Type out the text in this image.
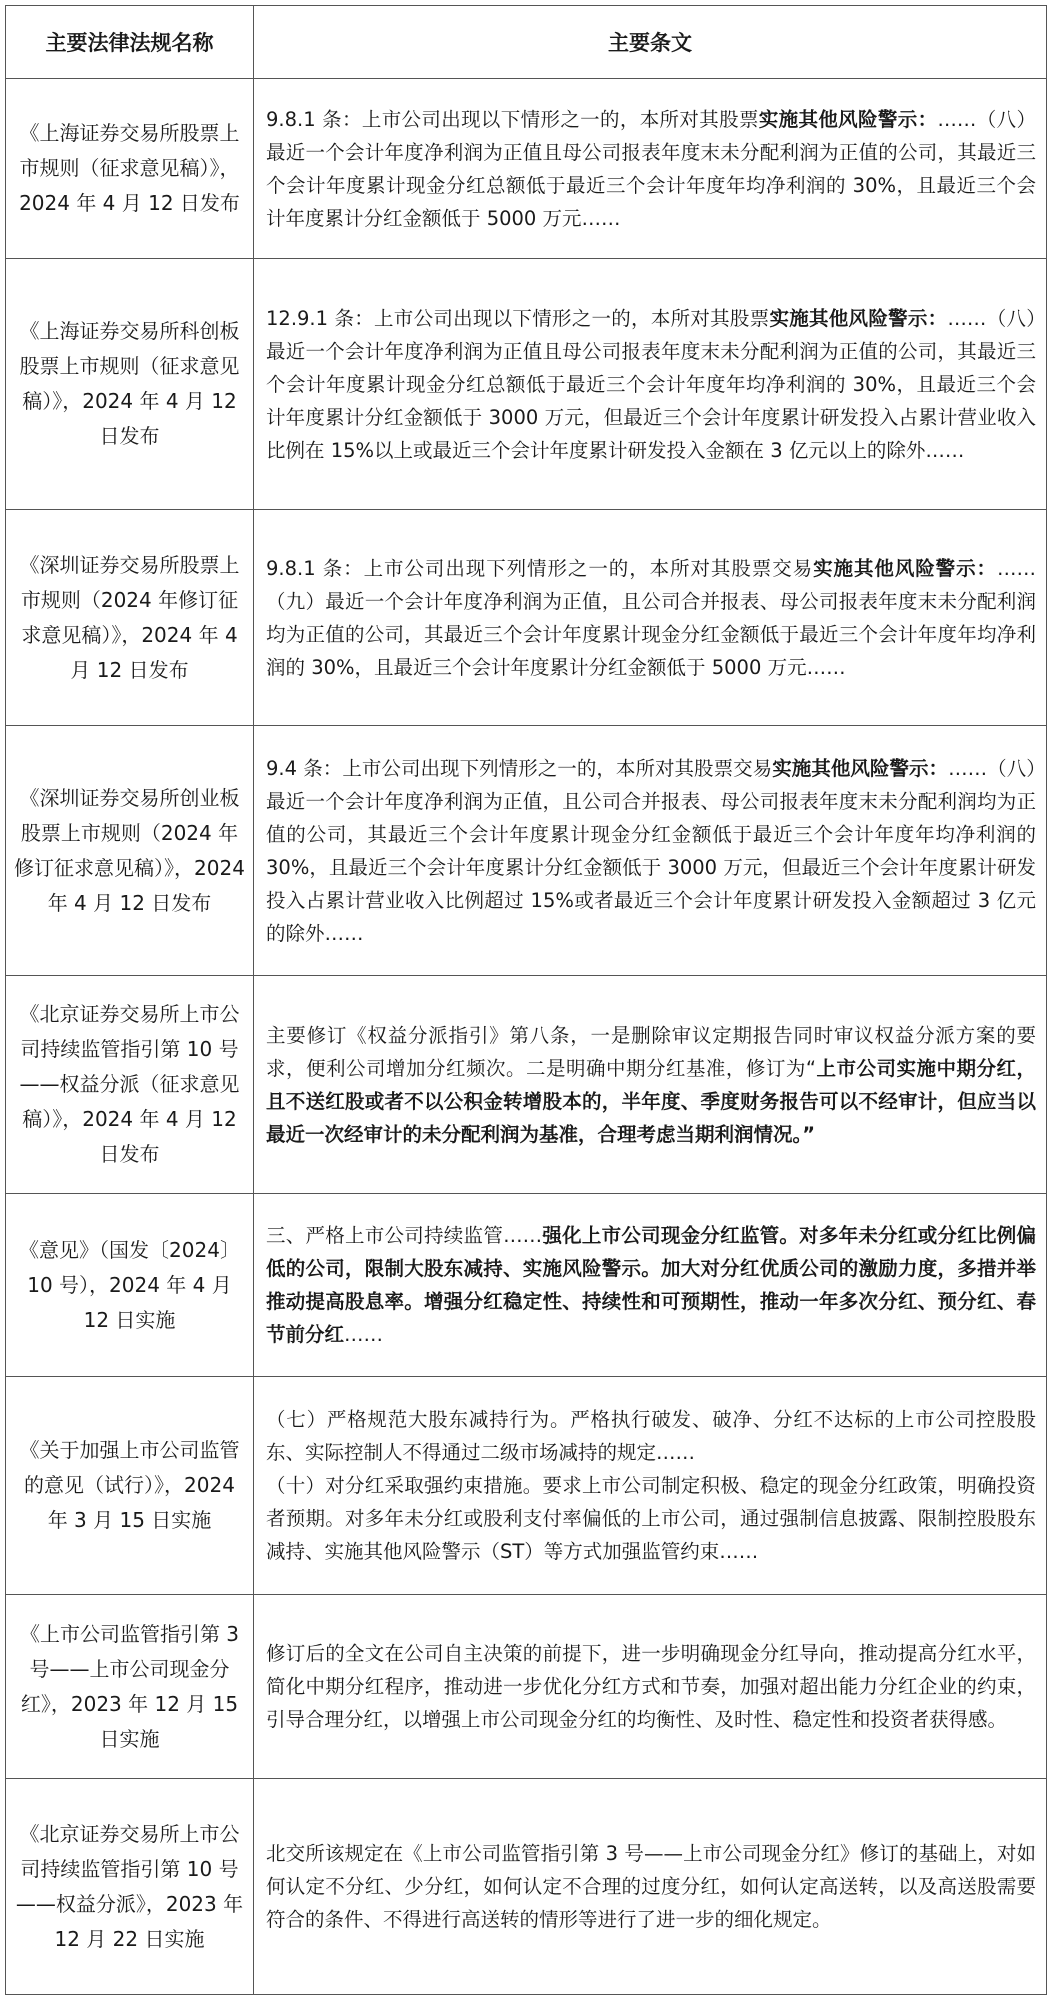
主要法律法规名称	主要条文
《上海证券交易所股票上市规则（征求意见稿）》，2024 年 4 月 12 日发布	9.8.1 条：上市公司出现以下情形之一的，本所对其股票实施其他风险警示：……（八）最近一个会计年度净利润为正值且母公司报表年度末未分配利润为正值的公司，其最近三个会计年度累计现金分红总额低于最近三个会计年度年均净利润的 30%，且最近三个会计年度累计分红金额低于 5000 万元……
《上海证券交易所科创板股票上市规则（征求意见稿）》，2024 年 4 月 12 日发布	12.9.1 条：上市公司出现以下情形之一的，本所对其股票实施其他风险警示：……（八）最近一个会计年度净利润为正值且母公司报表年度末未分配利润为正值的公司，其最近三个会计年度累计现金分红总额低于最近三个会计年度年均净利润的 30%，且最近三个会计年度累计分红金额低于 3000 万元，但最近三个会计年度累计研发投入占累计营业收入比例在 15%以上或最近三个会计年度累计研发投入金额在 3 亿元以上的除外……
《深圳证券交易所股票上市规则（2024 年修订征求意见稿）》，2024 年 4 月 12 日发布	9.8.1 条：上市公司出现下列情形之一的，本所对其股票交易实施其他风险警示：……（九）最近一个会计年度净利润为正值，且公司合并报表、母公司报表年度末未分配利润均为正值的公司，其最近三个会计年度累计现金分红金额低于最近三个会计年度年均净利润的 30%，且最近三个会计年度累计分红金额低于 5000 万元……
《深圳证券交易所创业板股票上市规则（2024 年修订征求意见稿）》，2024 年 4 月 12 日发布	9.4 条：上市公司出现下列情形之一的，本所对其股票交易实施其他风险警示：……（八）最近一个会计年度净利润为正值，且公司合并报表、母公司报表年度末未分配利润均为正值的公司，其最近三个会计年度累计现金分红金额低于最近三个会计年度年均净利润的 30%，且最近三个会计年度累计分红金额低于 3000 万元，但最近三个会计年度累计研发投入占累计营业收入比例超过 15%或者最近三个会计年度累计研发投入金额超过 3 亿元的除外……
《北京证券交易所上市公司持续监管指引第 10 号——权益分派（征求意见稿）》，2024 年 4 月 12 日发布	主要修订《权益分派指引》第八条，一是删除审议定期报告同时审议权益分派方案的要求，便利公司增加分红频次。二是明确中期分红基准，修订为“上市公司实施中期分红，且不送红股或者不以公积金转增股本的，半年度、季度财务报告可以不经审计，但应当以最近一次经审计的未分配利润为基准，合理考虑当期利润情况。”
《意见》（国发〔2024〕10 号），2024 年 4 月 12 日实施	三、严格上市公司持续监管……强化上市公司现金分红监管。对多年未分红或分红比例偏低的公司，限制大股东减持、实施风险警示。加大对分红优质公司的激励力度，多措并举推动提高股息率。增强分红稳定性、持续性和可预期性，推动一年多次分红、预分红、春节前分红……
《关于加强上市公司监管的意见（试行）》，2024 年 3 月 15 日实施	（七）严格规范大股东减持行为。严格执行破发、破净、分红不达标的上市公司控股股东、实际控制人不得通过二级市场减持的规定……

（十）对分红采取强约束措施。要求上市公司制定积极、稳定的现金分红政策，明确投资者预期。对多年未分红或股利支付率偏低的上市公司，通过强制信息披露、限制控股股东减持、实施其他风险警示（ST）等方式加强监管约束……

《上市公司监管指引第 3 号——上市公司现金分红》，2023 年 12 月 15 日实施	修订后的全文在公司自主决策的前提下，进一步明确现金分红导向，推动提高分红水平，简化中期分红程序，推动进一步优化分红方式和节奏，加强对超出能力分红企业的约束，引导合理分红，以增强上市公司现金分红的均衡性、及时性、稳定性和投资者获得感。
《北京证券交易所上市公司持续监管指引第 10 号——权益分派》，2023 年 12 月 22 日实施	北交所该规定在《上市公司监管指引第 3 号——上市公司现金分红》修订的基础上，对如何认定不分红、少分红，如何认定不合理的过度分红，如何认定高送转，以及高送股需要符合的条件、不得进行高送转的情形等进行了进一步的细化规定。
